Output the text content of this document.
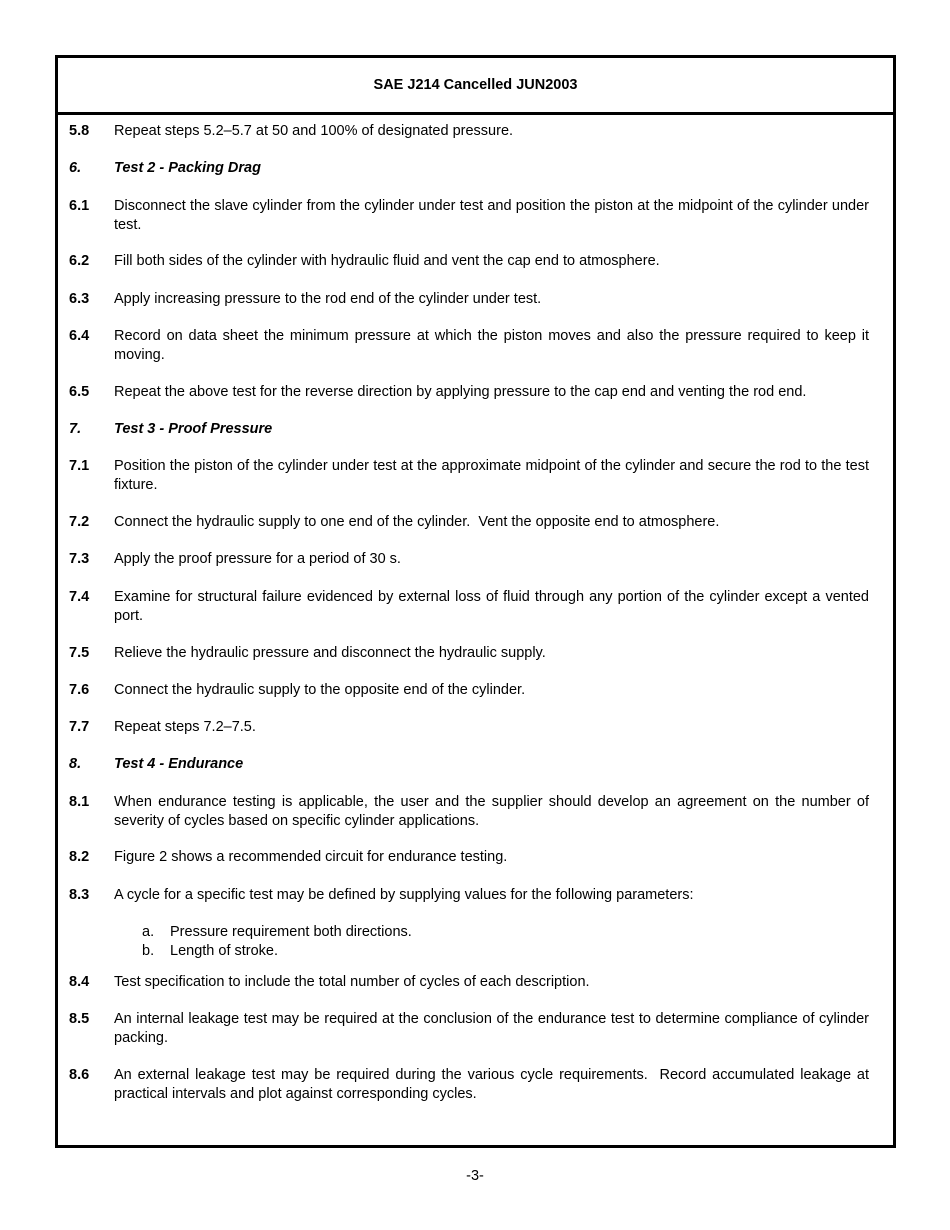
SAE J214 Cancelled JUN2003
5.8 Repeat steps 5.2–5.7 at 50 and 100% of designated pressure.
6. Test 2 - Packing Drag
6.1 Disconnect the slave cylinder from the cylinder under test and position the piston at the midpoint of the cylinder under test.
6.2 Fill both sides of the cylinder with hydraulic fluid and vent the cap end to atmosphere.
6.3 Apply increasing pressure to the rod end of the cylinder under test.
6.4 Record on data sheet the minimum pressure at which the piston moves and also the pressure required to keep it moving.
6.5 Repeat the above test for the reverse direction by applying pressure to the cap end and venting the rod end.
7. Test 3 - Proof Pressure
7.1 Position the piston of the cylinder under test at the approximate midpoint of the cylinder and secure the rod to the test fixture.
7.2 Connect the hydraulic supply to one end of the cylinder.  Vent the opposite end to atmosphere.
7.3 Apply the proof pressure for a period of 30 s.
7.4 Examine for structural failure evidenced by external loss of fluid through any portion of the cylinder except a vented port.
7.5 Relieve the hydraulic pressure and disconnect the hydraulic supply.
7.6 Connect the hydraulic supply to the opposite end of the cylinder.
7.7 Repeat steps 7.2–7.5.
8. Test 4 - Endurance
8.1 When endurance testing is applicable, the user and the supplier should develop an agreement on the number of severity of cycles based on specific cylinder applications.
8.2 Figure 2 shows a recommended circuit for endurance testing.
8.3 A cycle for a specific test may be defined by supplying values for the following parameters:
a. Pressure requirement both directions.
b. Length of stroke.
8.4 Test specification to include the total number of cycles of each description.
8.5 An internal leakage test may be required at the conclusion of the endurance test to determine compliance of cylinder packing.
8.6 An external leakage test may be required during the various cycle requirements.  Record accumulated leakage at practical intervals and plot against corresponding cycles.
-3-
